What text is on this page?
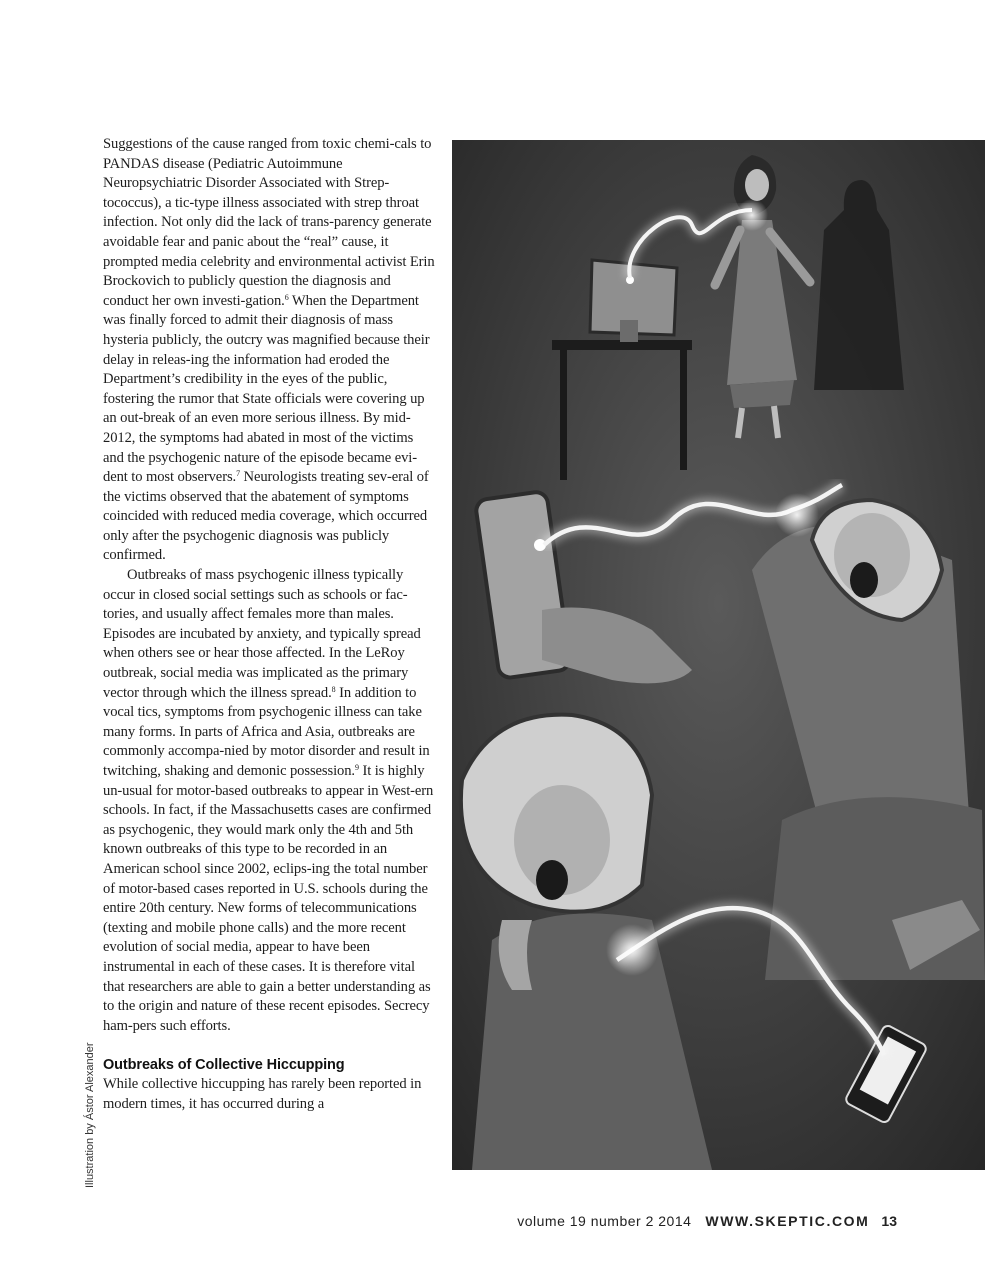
Suggestions of the cause ranged from toxic chemi-cals to PANDAS disease (Pediatric Autoimmune Neuropsychiatric Disorder Associated with Strep-tococcus), a tic-type illness associated with strep throat infection. Not only did the lack of trans-parency generate avoidable fear and panic about the “real” cause, it prompted media celebrity and environmental activist Erin Brockovich to publicly question the diagnosis and conduct her own investi-gation.$^6$ When the Department was finally forced to admit their diagnosis of mass hysteria publicly, the outcry was magnified because their delay in releas-ing the information had eroded the Department’s credibility in the eyes of the public, fostering the rumor that State officials were covering up an out-break of an even more serious illness. By mid-2012, the symptoms had abated in most of the victims and the psychogenic nature of the episode became evi-dent to most observers.$^7$ Neurologists treating sev-eral of the victims observed that the abatement of symptoms coincided with reduced media coverage, which occurred only after the psychogenic diagnosis was publicly confirmed.

Outbreaks of mass psychogenic illness typically occur in closed social settings such as schools or fac-tories, and usually affect females more than males. Episodes are incubated by anxiety, and typically spread when others see or hear those affected. In the LeRoy outbreak, social media was implicated as the primary vector through which the illness spread.$^8$ In addition to vocal tics, symptoms from psychogenic illness can take many forms. In parts of Africa and Asia, outbreaks are commonly accompa-nied by motor disorder and result in twitching, shaking and demonic possession.$^9$ It is highly un-usual for motor-based outbreaks to appear in West-ern schools. In fact, if the Massachusetts cases are confirmed as psychogenic, they would mark only the 4th and 5th known outbreaks of this type to be recorded in an American school since 2002, eclips-ing the total number of motor-based cases reported in U.S. schools during the entire 20th century. New forms of telecommunications (texting and mobile phone calls) and the more recent evolution of social media, appear to have been instrumental in each of these cases. It is therefore vital that researchers are able to gain a better understanding as to the origin and nature of these recent episodes. Secrecy ham-pers such efforts.

Outbreaks of Collective Hiccupping

While collective hiccupping has rarely been reported in modern times, it has occurred during a

Illustration by Ástor Alexander
volume 19 number 2 2014 WWW.SKEPTIC.COM 13
